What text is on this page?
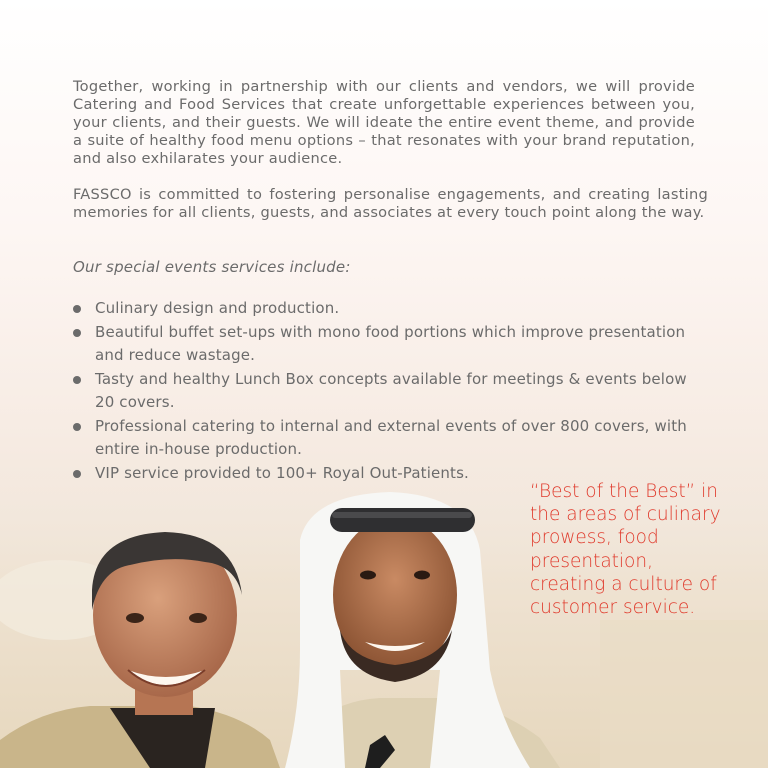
Together, working in partnership with our clients and vendors, we will provide Catering and Food Services that create unforgettable experiences between you, your clients, and their guests. We will ideate the entire event theme, and provide a suite of healthy food menu options – that resonates with your brand reputation, and also exhilarates your audience.

FASSCO is committed to fostering personalise engagements, and creating lasting memories for all clients, guests, and associates at every touch point along the way.

Our special events services include:

Culinary design and production.
Beautiful buffet set-ups with mono food portions which improve presentation and reduce wastage.
Tasty and healthy Lunch Box concepts available for meetings & events below 20 covers.
Professional catering to internal and external events of over 800 covers, with entire in-house production.
VIP service provided to 100+ Royal Out-Patients.

“Best of the Best” in the areas of culinary prowess, food presentation, creating a culture of customer service.
